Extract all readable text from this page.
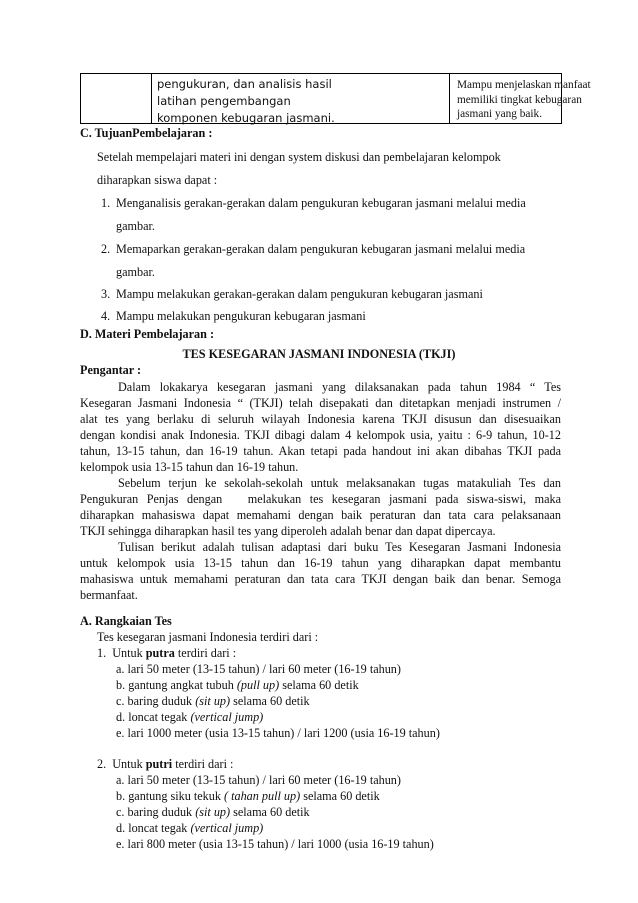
pengukuran, dan analisis hasil
latihan pengembangan
komponen kebugaran jasmani.
Mampu menjelaskan manfaat
memiliki tingkat kebugaran
jasmani yang baik.
C. TujuanPembelajaran :
Setelah mempelajari materi ini dengan system diskusi dan pembelajaran kelompok
diharapkan siswa dapat :
1. Menganalisis gerakan-gerakan dalam pengukuran kebugaran jasmani melalui media
gambar.
2. Memaparkan gerakan-gerakan dalam pengukuran kebugaran jasmani melalui media
gambar.
3. Mampu melakukan gerakan-gerakan dalam pengukuran kebugaran jasmani
4. Mampu melakukan pengukuran kebugaran jasmani
D. Materi Pembelajaran :
TES KESEGARAN JASMANI INDONESIA (TKJI)
Pengantar :
Dalam lokakarya kesegaran jasmani yang dilaksanakan pada tahun 1984 “ Tes
Kesegaran Jasmani Indonesia “ (TKJI) telah disepakati dan ditetapkan menjadi instrumen /
alat tes yang berlaku di seluruh wilayah Indonesia karena TKJI disusun dan disesuaikan
dengan kondisi anak Indonesia. TKJI dibagi dalam 4 kelompok usia, yaitu : 6-9 tahun, 10-12
tahun, 13-15 tahun, dan 16-19 tahun. Akan tetapi pada handout ini akan dibahas TKJI pada
kelompok usia 13-15 tahun dan 16-19 tahun.
Sebelum terjun ke sekolah-sekolah untuk melaksanakan tugas matakuliah Tes dan
Pengukuran Penjas dengan   melakukan tes kesegaran jasmani pada siswa-siswi, maka
diharapkan mahasiswa dapat memahami dengan baik peraturan dan tata cara pelaksanaan
TKJI sehingga diharapkan hasil tes yang diperoleh adalah benar dan dapat dipercaya.
Tulisan berikut adalah tulisan adaptasi dari buku Tes Kesegaran Jasmani Indonesia
untuk kelompok usia 13-15 tahun dan 16-19 tahun yang diharapkan dapat membantu
mahasiswa untuk memahami peraturan dan tata cara TKJI dengan baik dan benar. Semoga
bermanfaat.
A. Rangkaian Tes
Tes kesegaran jasmani Indonesia terdiri dari :
1. Untuk putra terdiri dari :
a. lari 50 meter (13-15 tahun) / lari 60 meter (16-19 tahun)
b. gantung angkat tubuh (pull up) selama 60 detik
c. baring duduk (sit up) selama 60 detik
d. loncat tegak (vertical jump)
e. lari 1000 meter (usia 13-15 tahun) / lari 1200 (usia 16-19 tahun)
2. Untuk putri terdiri dari :
a. lari 50 meter (13-15 tahun) / lari 60 meter (16-19 tahun)
b. gantung siku tekuk ( tahan pull up) selama 60 detik
c. baring duduk (sit up) selama 60 detik
d. loncat tegak (vertical jump)
e. lari 800 meter (usia 13-15 tahun) / lari 1000 (usia 16-19 tahun)
